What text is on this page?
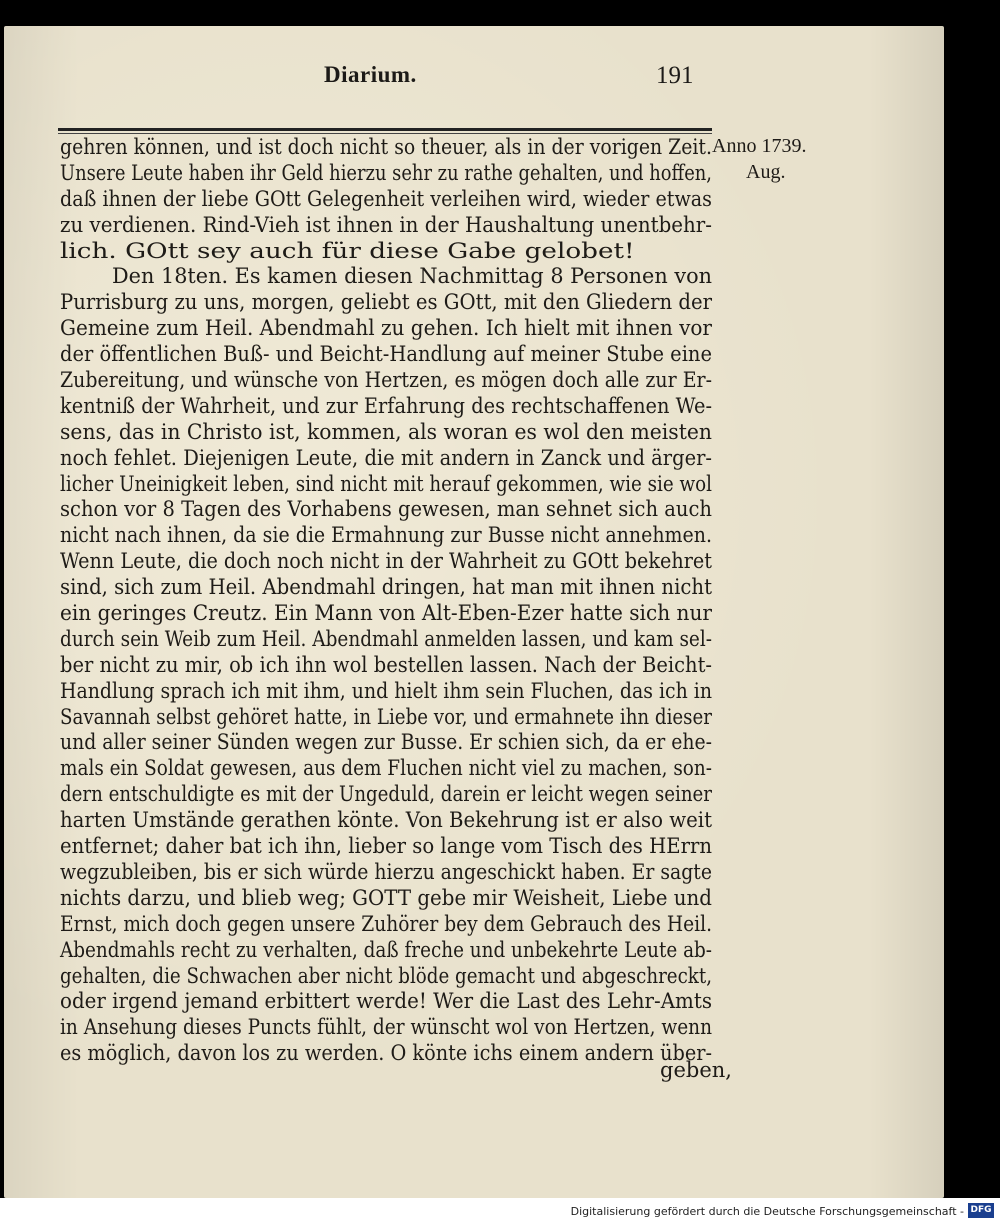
Diarium.	191
Anno 1739.
Aug.
gehren können, und ist doch nicht so theuer, als in der vorigen Zeit.
Unsere Leute haben ihr Geld hierzu sehr zu rathe gehalten, und hoffen,
daß ihnen der liebe GOtt Gelegenheit verleihen wird, wieder etwas
zu verdienen. Rind-Vieh ist ihnen in der Haushaltung unentbehr-
lich. GOtt sey auch für diese Gabe gelobet!
Den 18ten. Es kamen diesen Nachmittag 8 Personen von
Purrisburg zu uns, morgen, geliebt es GOtt, mit den Gliedern der
Gemeine zum Heil. Abendmahl zu gehen. Ich hielt mit ihnen vor
der öffentlichen Buß- und Beicht-Handlung auf meiner Stube eine
Zubereitung, und wünsche von Hertzen, es mögen doch alle zur Er-
kentniß der Wahrheit, und zur Erfahrung des rechtschaffenen We-
sens, das in Christo ist, kommen, als woran es wol den meisten
noch fehlet. Diejenigen Leute, die mit andern in Zanck und ärger-
licher Uneinigkeit leben, sind nicht mit herauf gekommen, wie sie wol
schon vor 8 Tagen des Vorhabens gewesen, man sehnet sich auch
nicht nach ihnen, da sie die Ermahnung zur Busse nicht annehmen.
Wenn Leute, die doch noch nicht in der Wahrheit zu GOtt bekehret
sind, sich zum Heil. Abendmahl dringen, hat man mit ihnen nicht
ein geringes Creutz. Ein Mann von Alt-Eben-Ezer hatte sich nur
durch sein Weib zum Heil. Abendmahl anmelden lassen, und kam sel-
ber nicht zu mir, ob ich ihn wol bestellen lassen. Nach der Beicht-
Handlung sprach ich mit ihm, und hielt ihm sein Fluchen, das ich in
Savannah selbst gehöret hatte, in Liebe vor, und ermahnete ihn dieser
und aller seiner Sünden wegen zur Busse. Er schien sich, da er ehe-
mals ein Soldat gewesen, aus dem Fluchen nicht viel zu machen, son-
dern entschuldigte es mit der Ungeduld, darein er leicht wegen seiner
harten Umstände gerathen könte. Von Bekehrung ist er also weit
entfernet; daher bat ich ihn, lieber so lange vom Tisch des HErrn
wegzubleiben, bis er sich würde hierzu angeschickt haben. Er sagte
nichts darzu, und blieb weg; GOTT gebe mir Weisheit, Liebe und
Ernst, mich doch gegen unsere Zuhörer bey dem Gebrauch des Heil.
Abendmahls recht zu verhalten, daß freche und unbekehrte Leute ab-
gehalten, die Schwachen aber nicht blöde gemacht und abgeschreckt,
oder irgend jemand erbittert werde! Wer die Last des Lehr-Amts
in Ansehung dieses Puncts fühlt, der wünscht wol von Hertzen, wenn
es möglich, davon los zu werden. O könte ichs einem andern über-
geben,
Digitalisierung gefördert durch die Deutsche Forschungsgemeinschaft - DFG
